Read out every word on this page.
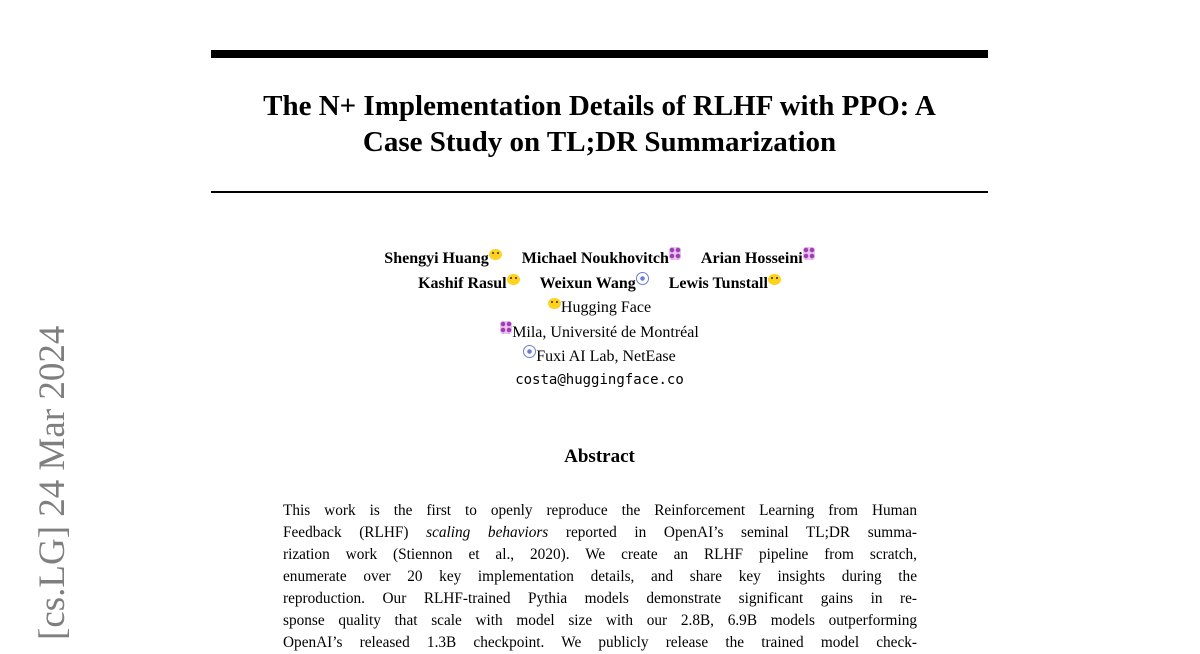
[cs.LG] 24 Mar 2024
The N+ Implementation Details of RLHF with PPO: A
Case Study on TL;DR Summarization
Shengyi Huang Michael Noukhovitch Arian Hosseini
Kashif Rasul Weixun Wang Lewis Tunstall
Hugging Face
Mila, Université de Montréal
Fuxi AI Lab, NetEase
costa@huggingface.co
Abstract
This work is the first to openly reproduce the Reinforcement Learning from Human
Feedback (RLHF) scaling behaviors reported in OpenAI’s seminal TL;DR summa-
rization work (Stiennon et al., 2020). We create an RLHF pipeline from scratch,
enumerate over 20 key implementation details, and share key insights during the
reproduction. Our RLHF-trained Pythia models demonstrate significant gains in re-
sponse quality that scale with model size with our 2.8B, 6.9B models outperforming
OpenAI’s released 1.3B checkpoint. We publicly release the trained model check-
